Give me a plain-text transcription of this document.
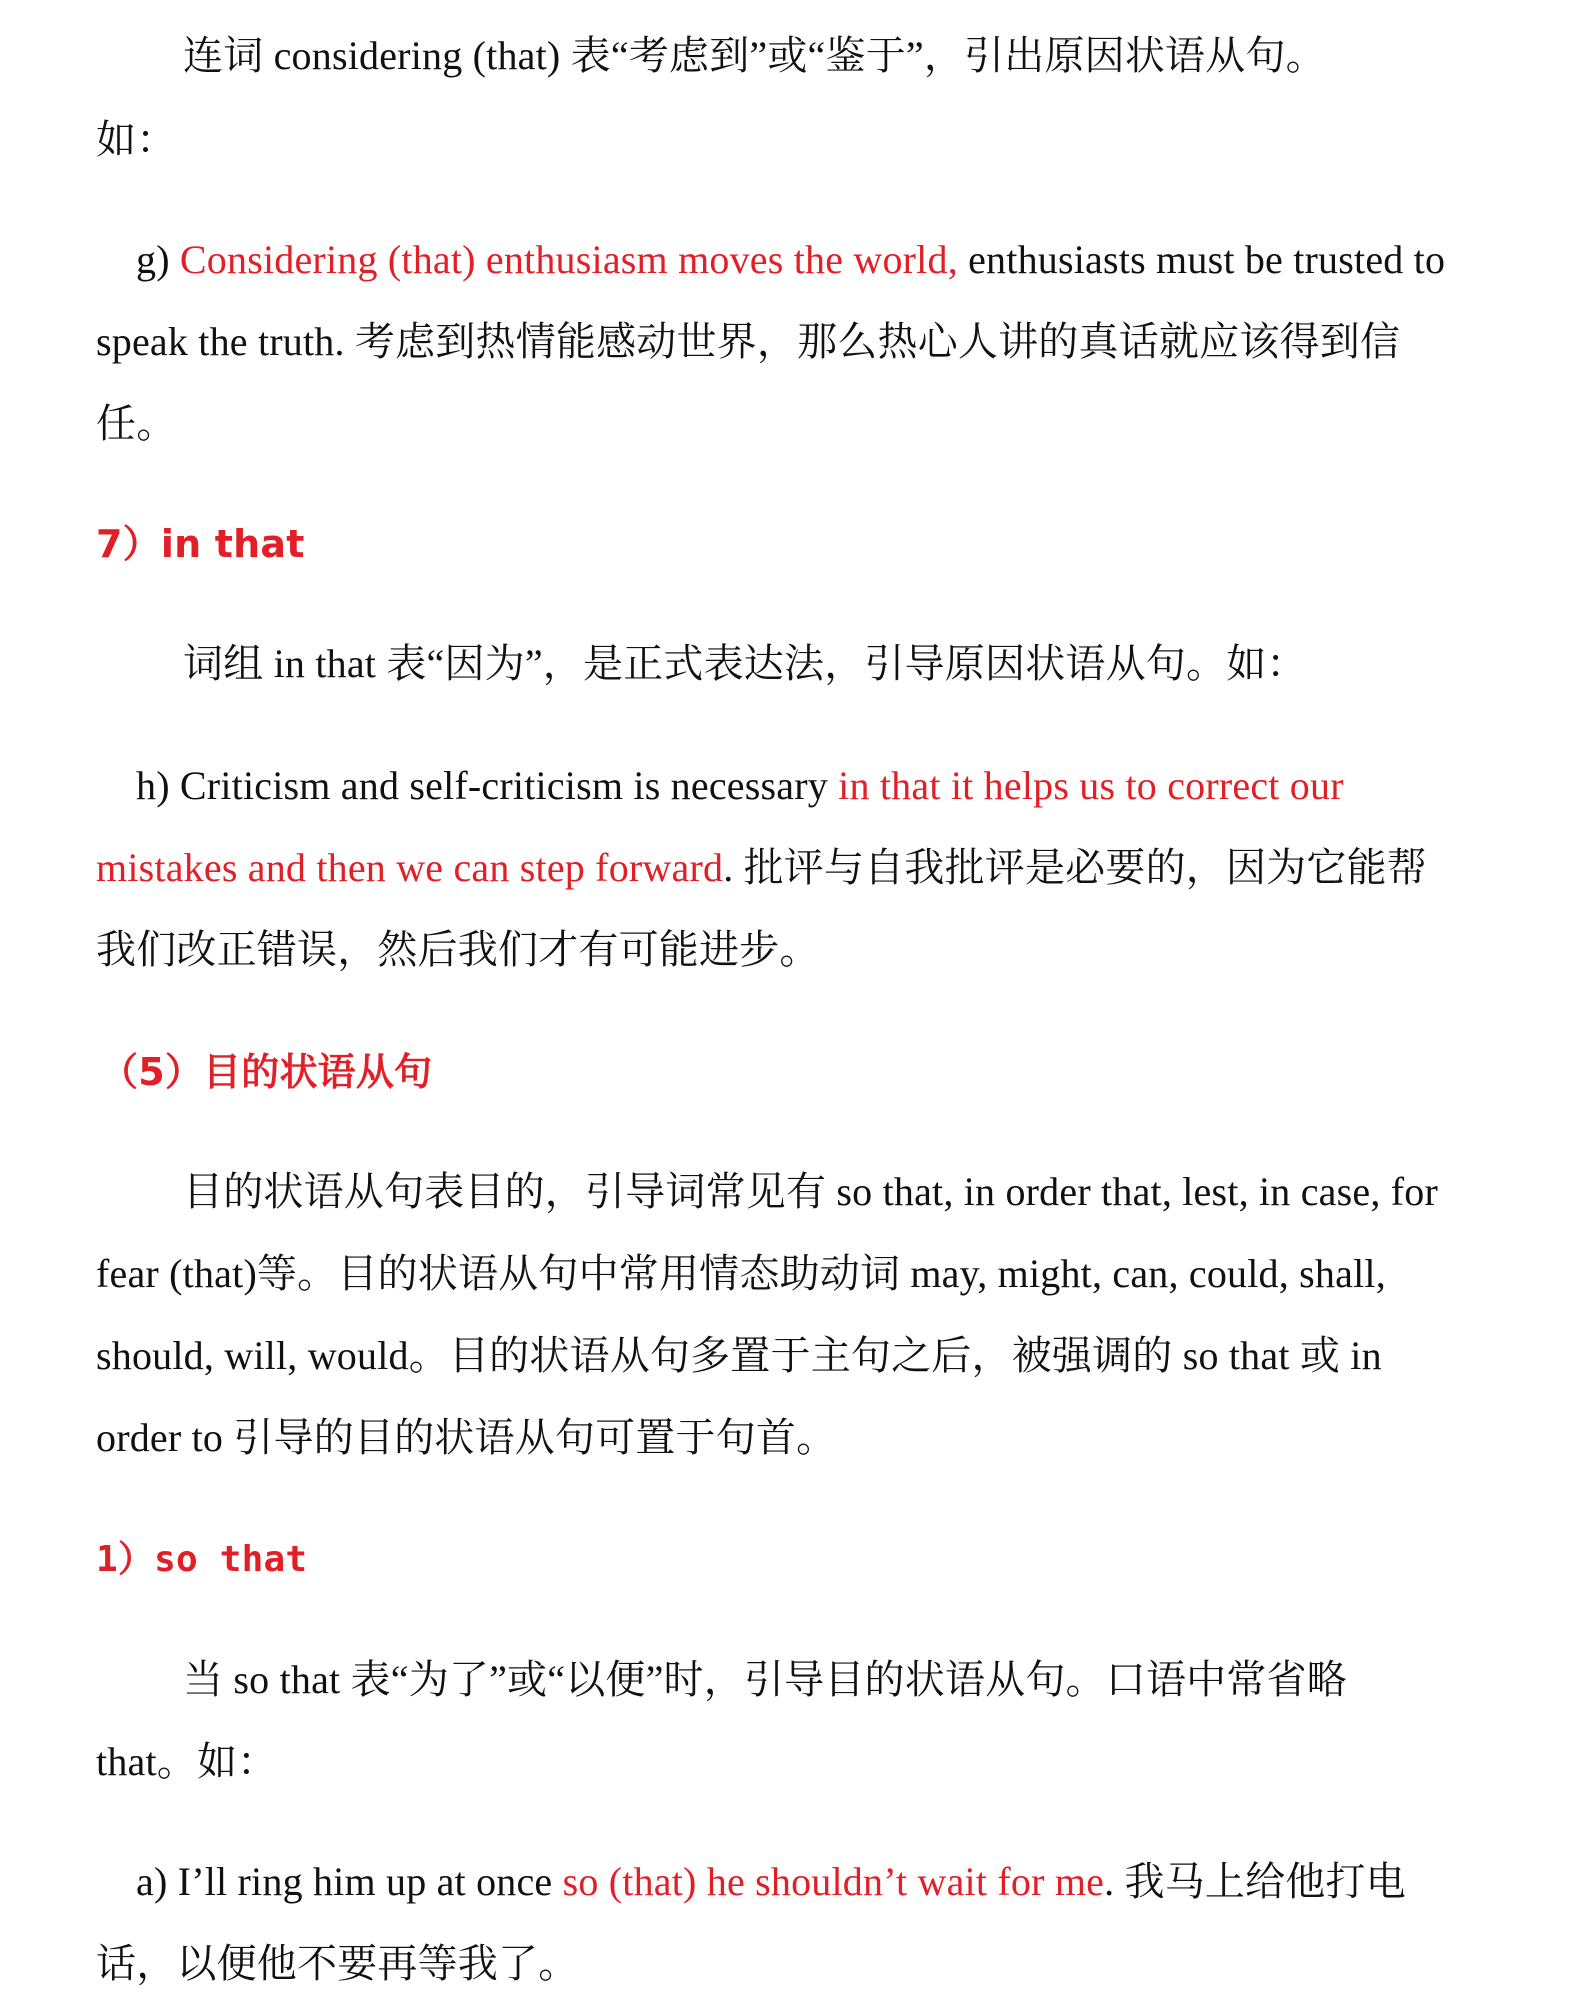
连词 considering (that) 表“考虑到”或“鉴于”，引出原因状语从句。
如：
g) Considering (that) enthusiasm moves the world, enthusiasts must be trusted to
speak the truth. 考虑到热情能感动世界，那么热心人讲的真话就应该得到信
任。
7）in that
词组 in that 表“因为”，是正式表达法，引导原因状语从句。如：
h) Criticism and self-criticism is necessary in that it helps us to correct our
mistakes and then we can step forward. 批评与自我批评是必要的，因为它能帮
我们改正错误，然后我们才有可能进步。
（5）目的状语从句
目的状语从句表目的，引导词常见有 so that, in order that, lest, in case, for
fear (that)等。目的状语从句中常用情态助动词 may, might, can, could, shall,
should, will, would。目的状语从句多置于主句之后，被强调的 so that 或 in
order to 引导的目的状语从句可置于句首。
1）so that
当 so that 表“为了”或“以便”时，引导目的状语从句。口语中常省略
that。如：
a) I’ll ring him up at once so (that) he shouldn’t wait for me. 我马上给他打电
话，以便他不要再等我了。
